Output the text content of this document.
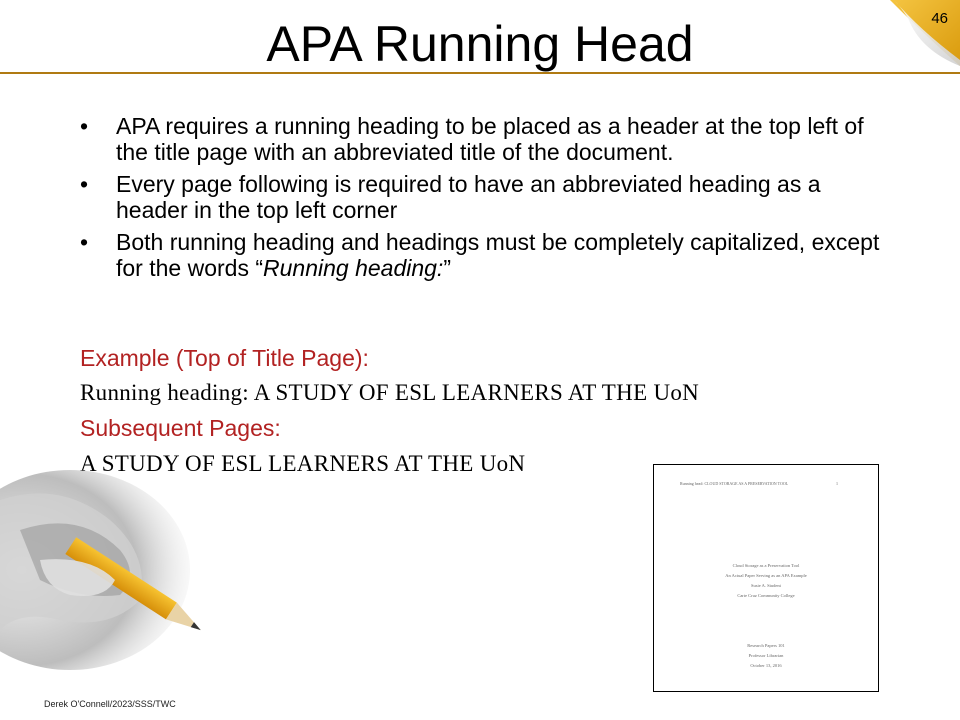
46
APA Running Head
• APA requires a running heading to be placed as a header at the top left of the title page with an abbreviated title of the document.
• Every page following is required to have an abbreviated heading as a header in the top left corner
• Both running heading and headings must be completely capitalized, except for the words “Running heading:”
Example (Top of Title Page):
Running heading: A STUDY OF ESL LEARNERS AT THE UoN
Subsequent Pages:
A STUDY OF ESL LEARNERS AT THE UoN
Derek O'Connell/2023/SSS/TWC
Running head: CLOUD STORAGE AS A PRESERVATION TOOL	1
Cloud Storage as a Preservation Tool
An Actual Paper Serving as an APA Example
Susie A. Student
Carte Cruz Community College
Research Papers 101
Professor Librarian
October 13, 2016
